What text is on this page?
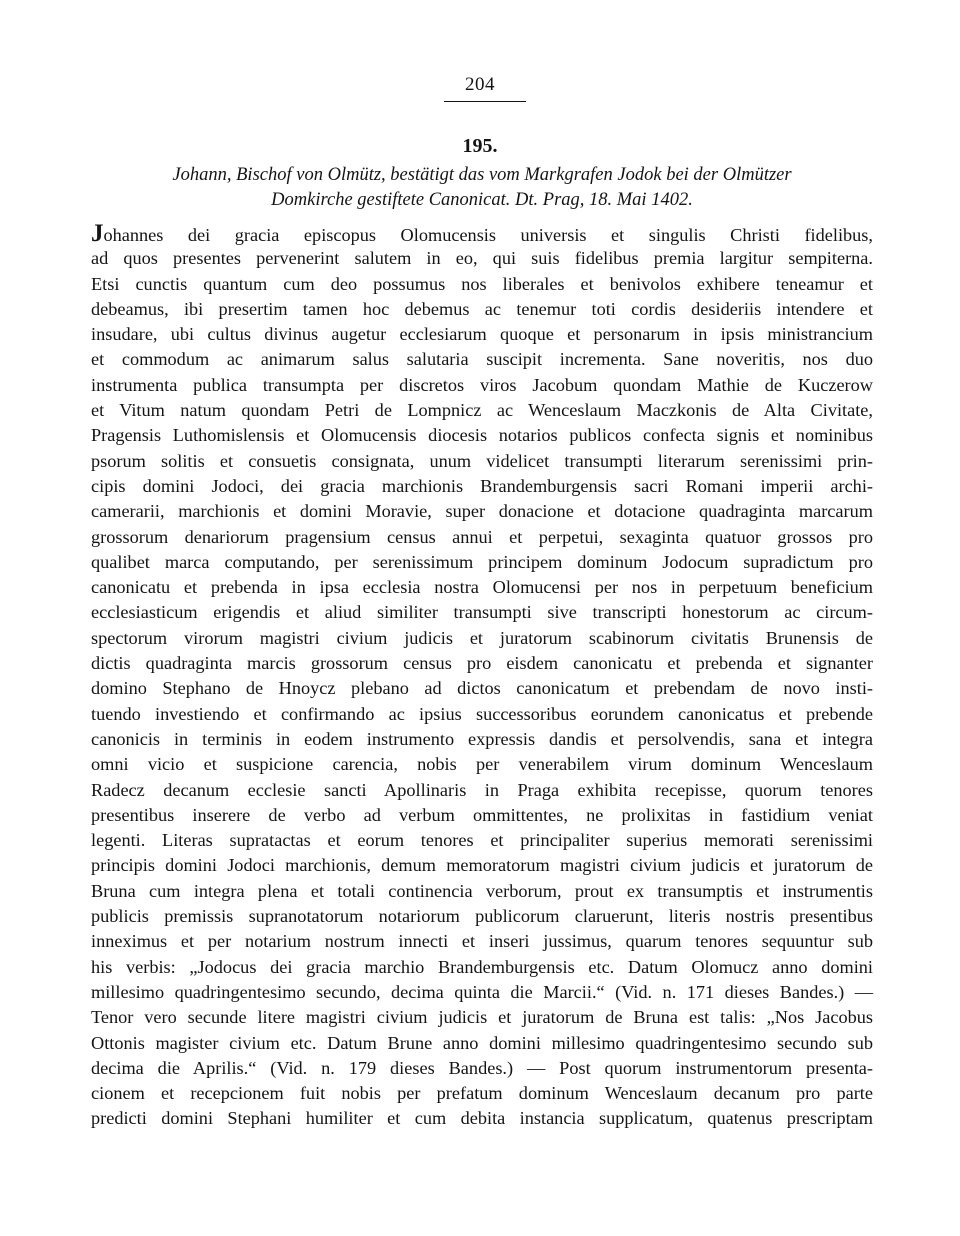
204
195.
Johann, Bischof von Olmütz, bestätigt das vom Markgrafen Jodok bei der Olmützer
Domkirche gestiftete Canonicat. Dt. Prag, 18. Mai 1402.
Johannes dei gracia episcopus Olomucensis universis et singulis Christi fidelibus,
ad quos presentes pervenerint salutem in eo, qui suis fidelibus premia largitur sempiterna.
Etsi cunctis quantum cum deo possumus nos liberales et benivolos exhibere teneamur et
debeamus, ibi presertim tamen hoc debemus ac tenemur toti cordis desideriis intendere et
insudare, ubi cultus divinus augetur ecclesiarum quoque et personarum in ipsis ministrancium
et commodum ac animarum salus salutaria suscipit incrementa. Sane noveritis, nos duo
instrumenta publica transumpta per discretos viros Jacobum quondam Mathie de Kuczerow
et Vitum natum quondam Petri de Lompnicz ac Wenceslaum Maczkonis de Alta Civitate,
Pragensis Luthomislensis et Olomucensis diocesis notarios publicos confecta signis et nominibus
psorum solitis et consuetis consignata, unum videlicet transumpti literarum serenissimi prin-
cipis domini Jodoci, dei gracia marchionis Brandemburgensis sacri Romani imperii archi-
camerarii, marchionis et domini Moravie, super donacione et dotacione quadraginta marcarum
grossorum denariorum pragensium census annui et perpetui, sexaginta quatuor grossos pro
qualibet marca computando, per serenissimum principem dominum Jodocum supradictum pro
canonicatu et prebenda in ipsa ecclesia nostra Olomucensi per nos in perpetuum beneficium
ecclesiasticum erigendis et aliud similiter transumpti sive transcripti honestorum ac circum-
spectorum virorum magistri civium judicis et juratorum scabinorum civitatis Brunensis de
dictis quadraginta marcis grossorum census pro eisdem canonicatu et prebenda et signanter
domino Stephano de Hnoycz plebano ad dictos canonicatum et prebendam de novo insti-
tuendo investiendo et confirmando ac ipsius successoribus eorundem canonicatus et prebende
canonicis in terminis in eodem instrumento expressis dandis et persolvendis, sana et integra
omni vicio et suspicione carencia, nobis per venerabilem virum dominum Wenceslaum
Radecz decanum ecclesie sancti Apollinaris in Praga exhibita recepisse, quorum tenores
presentibus inserere de verbo ad verbum ommittentes, ne prolixitas in fastidium veniat
legenti. Literas supratactas et eorum tenores et principaliter superius memorati serenissimi
principis domini Jodoci marchionis, demum memoratorum magistri civium judicis et juratorum de
Bruna cum integra plena et totali continencia verborum, prout ex transumptis et instrumentis
publicis premissis supranotatorum notariorum publicorum claruerunt, literis nostris presentibus
inneximus et per notarium nostrum innecti et inseri jussimus, quarum tenores sequuntur sub
his verbis: „Jodocus dei gracia marchio Brandemburgensis etc. Datum Olomucz anno domini
millesimo quadringentesimo secundo, decima quinta die Marcii.“ (Vid. n. 171 dieses Bandes.) —
Tenor vero secunde litere magistri civium judicis et juratorum de Bruna est talis: „Nos Jacobus
Ottonis magister civium etc. Datum Brune anno domini millesimo quadringentesimo secundo sub
decima die Aprilis.“ (Vid. n. 179 dieses Bandes.) — Post quorum instrumentorum presenta-
cionem et recepcionem fuit nobis per prefatum dominum Wenceslaum decanum pro parte
predicti domini Stephani humiliter et cum debita instancia supplicatum, quatenus prescriptam
